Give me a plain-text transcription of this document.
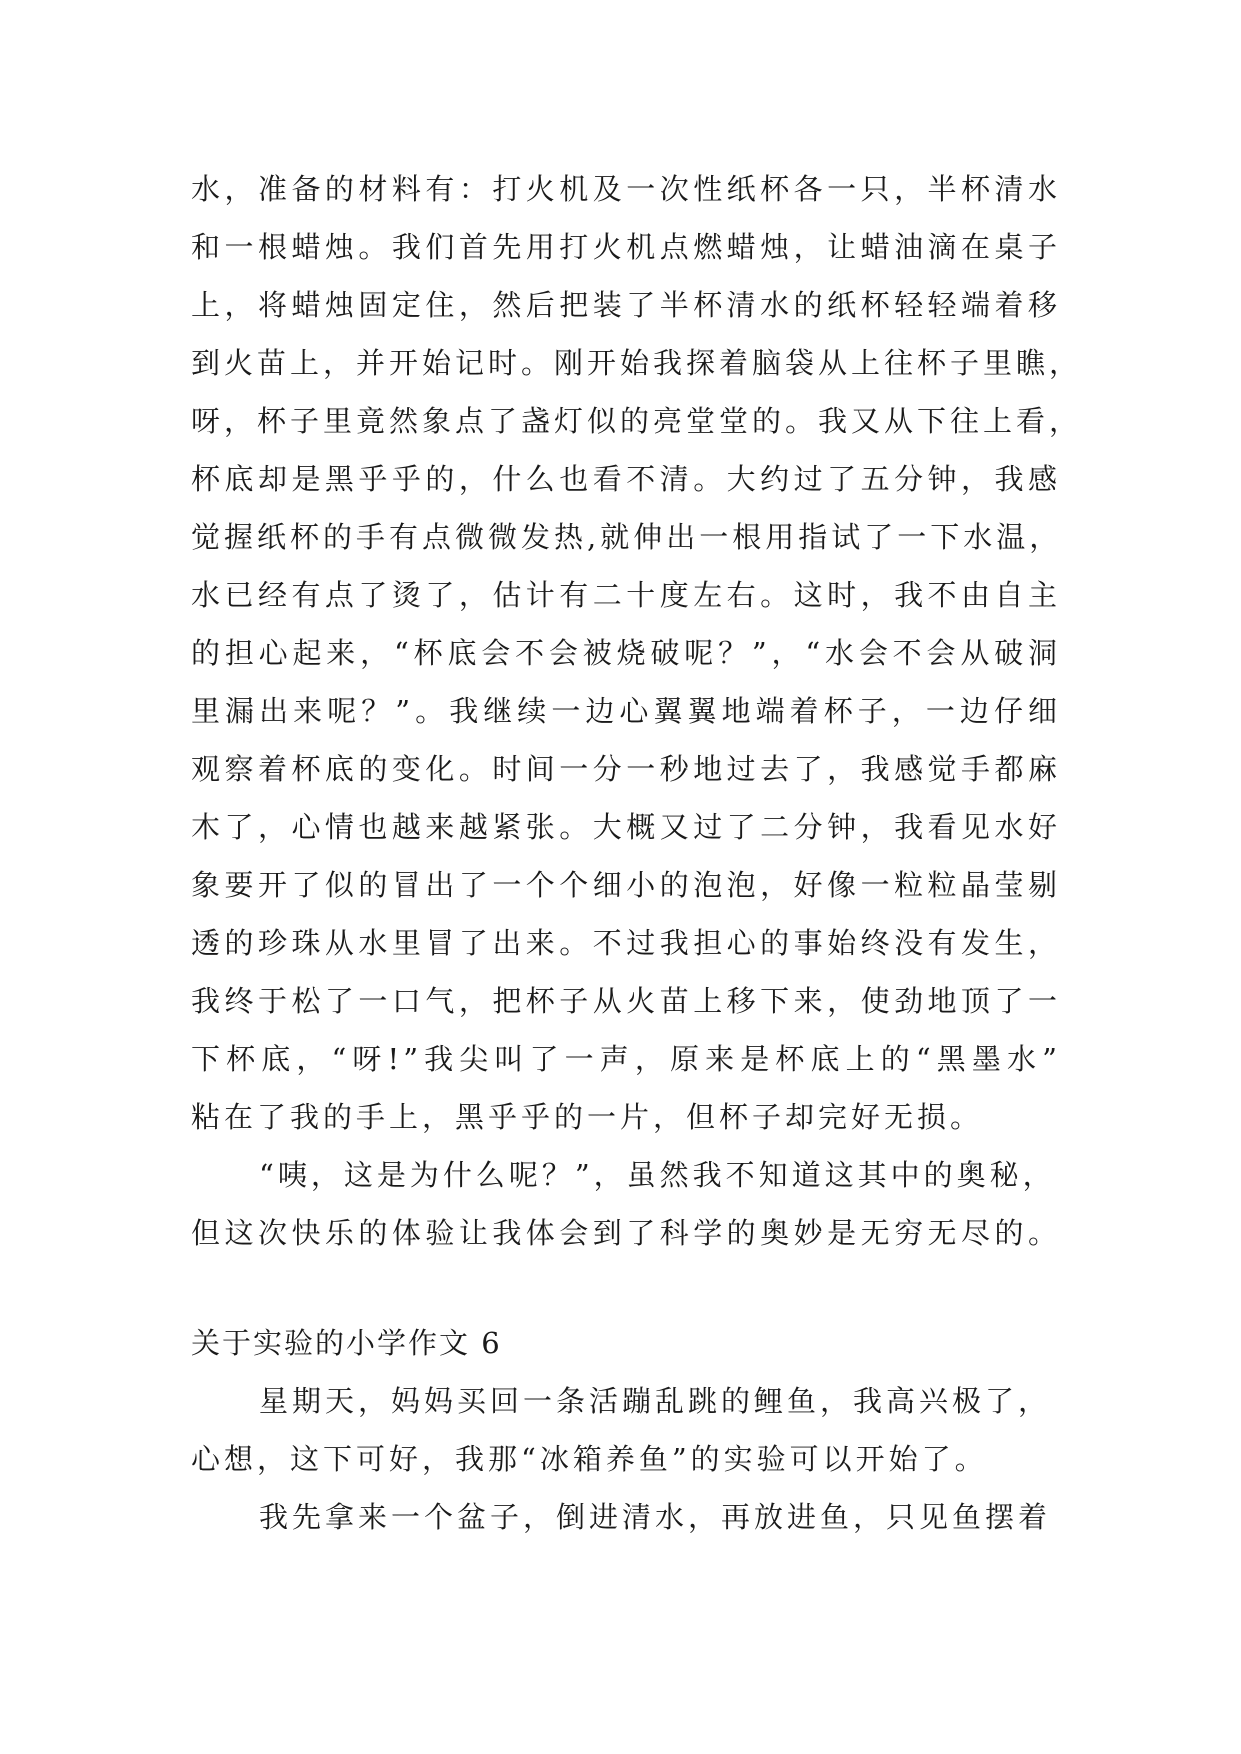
水，准备的材料有：打火机及一次性纸杯各一只，半杯清水
和一根蜡烛。我们首先用打火机点燃蜡烛，让蜡油滴在桌子
上，将蜡烛固定住，然后把装了半杯清水的纸杯轻轻端着移
到火苗上，并开始记时。刚开始我探着脑袋从上往杯子里瞧，
呀，杯子里竟然象点了盏灯似的亮堂堂的。我又从下往上看，
杯底却是黑乎乎的，什么也看不清。大约过了五分钟，我感
觉握纸杯的手有点微微发热,就伸出一根用指试了一下水温，
水已经有点了烫了，估计有二十度左右。这时，我不由自主
的担心起来，“杯底会不会被烧破呢？”，“水会不会从破洞
里漏出来呢？”。我继续一边心翼翼地端着杯子，一边仔细
观察着杯底的变化。时间一分一秒地过去了，我感觉手都麻
木了，心情也越来越紧张。大概又过了二分钟，我看见水好
象要开了似的冒出了一个个细小的泡泡，好像一粒粒晶莹剔
透的珍珠从水里冒了出来。不过我担心的事始终没有发生，
我终于松了一口气，把杯子从火苗上移下来，使劲地顶了一
下杯底，“呀!”我尖叫了一声，原来是杯底上的“黑墨水”
粘在了我的手上，黑乎乎的一片，但杯子却完好无损。
“咦，这是为什么呢？”，虽然我不知道这其中的奥秘，
但这次快乐的体验让我体会到了科学的奥妙是无穷无尽的。
关于实验的小学作文 6
星期天，妈妈买回一条活蹦乱跳的鲤鱼，我高兴极了，
心想，这下可好，我那“冰箱养鱼”的实验可以开始了。
我先拿来一个盆子，倒进清水，再放进鱼，只见鱼摆着
